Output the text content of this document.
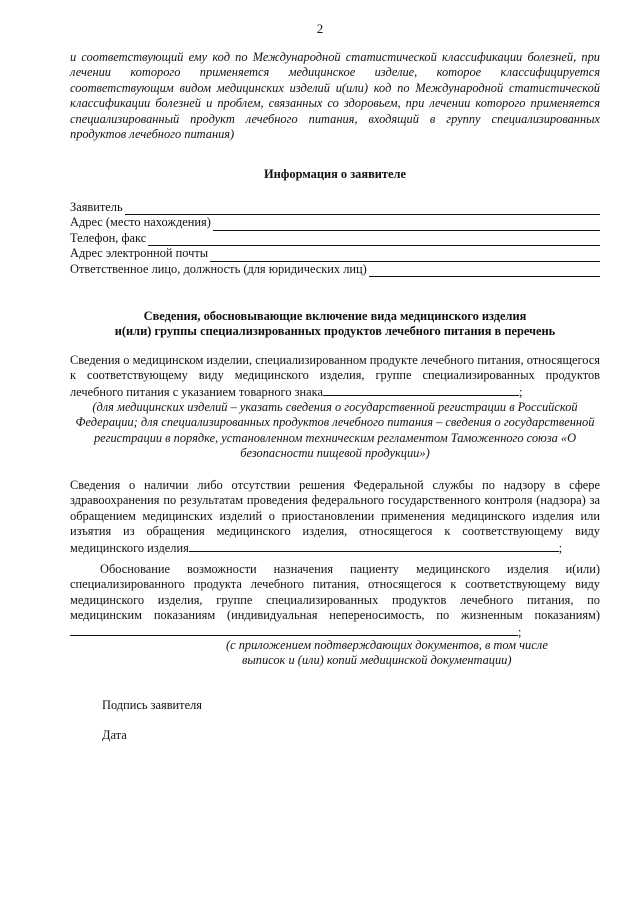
2
и соответствующий ему код по Международной статистической классификации болезней, при лечении которого применяется медицинское изделие, которое классифицируется соответствующим видом медицинских изделий и(или) код по Международной статистической классификации болезней и проблем, связанных со здоровьем, при лечении которого применяется специализированный продукт лечебного питания, входящий в группу специализированных продуктов лечебного питания)
Информация о заявителе
Заявитель
Адрес (место нахождения)
Телефон, факс
Адрес электронной почты
Ответственное лицо, должность (для юридических лиц)
Сведения, обосновывающие включение вида медицинского изделия
и(или) группы специализированных продуктов лечебного питания в перечень
Сведения о медицинском изделии, специализированном продукте лечебного питания, относящегося к соответствующему виду медицинского изделия, группе специализированных продуктов лечебного питания с указанием товарного знака	;
(для медицинских изделий – указать сведения о государственной регистрации в Российской Федерации; для специализированных продуктов лечебного питания – сведения о государственной регистрации в порядке, установленном техническим регламентом Таможенного союза «О безопасности пищевой продукции»)
Сведения о наличии либо отсутствии решения Федеральной службы по надзору в сфере здравоохранения по результатам проведения федерального государственного контроля (надзора) за обращением медицинских изделий о приостановлении применения медицинского изделия или изъятия из обращения медицинского изделия, относящегося к соответствующему виду медицинского изделия	;
Обоснование возможности назначения пациенту медицинского изделия и(или) специализированного продукта лечебного питания, относящегося к соответствующему виду медицинского изделия, группе специализированных продуктов лечебного питания, по медицинским показаниям (индивидуальная непереносимость, по жизненным показаниям);
(с приложением подтверждающих документов, в том числе
выписок и (или) копий медицинской документации)
Подпись заявителя
Дата
